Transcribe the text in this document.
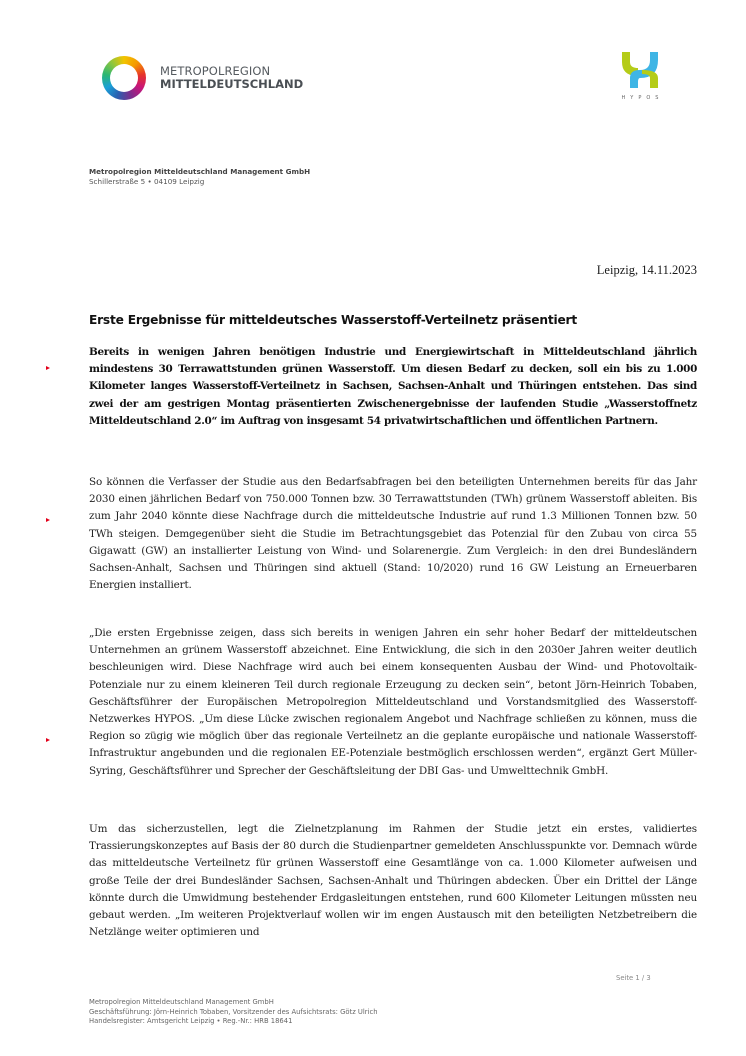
METROPOLREGION
MITTELDEUTSCHLAND
HYPOS
Metropolregion Mitteldeutschland Management GmbH
Schillerstraße 5 • 04109 Leipzig
Leipzig, 14.11.2023
Erste Ergebnisse für mitteldeutsches Wasserstoff-Verteilnetz präsentiert

Bereits in wenigen Jahren benötigen Industrie und Energiewirtschaft in Mitteldeutschland jährlich mindestens 30 Terrawattstunden grünen Wasserstoff. Um diesen Bedarf zu decken, soll ein bis zu 1.000 Kilometer langes Wasserstoff-Verteilnetz in Sachsen, Sachsen-Anhalt und Thüringen entstehen. Das sind zwei der am gestrigen Montag präsentierten Zwischenergebnisse der laufenden Studie „Wasserstoffnetz Mitteldeutschland 2.0“ im Auftrag von insgesamt 54 privatwirtschaftlichen und öffentlichen Partnern.

So können die Verfasser der Studie aus den Bedarfsabfragen bei den beteiligten Unternehmen bereits für das Jahr 2030 einen jährlichen Bedarf von 750.000 Tonnen bzw. 30 Terrawattstunden (TWh) grünem Wasserstoff ableiten. Bis zum Jahr 2040 könnte diese Nachfrage durch die mitteldeutsche Industrie auf rund 1.3 Millionen Tonnen bzw. 50 TWh steigen. Demgegenüber sieht die Studie im Betrachtungsgebiet das Potenzial für den Zubau von circa 55 Gigawatt (GW) an installierter Leistung von Wind- und Solarenergie. Zum Vergleich: in den drei Bundesländern Sachsen-Anhalt, Sachsen und Thüringen sind aktuell (Stand: 10/2020) rund 16 GW Leistung an Erneuerbaren Energien installiert.

„Die ersten Ergebnisse zeigen, dass sich bereits in wenigen Jahren ein sehr hoher Bedarf der mitteldeutschen Unternehmen an grünem Wasserstoff abzeichnet. Eine Entwicklung, die sich in den 2030er Jahren weiter deutlich beschleunigen wird. Diese Nachfrage wird auch bei einem konsequenten Ausbau der Wind- und Photovoltaik-Potenziale nur zu einem kleineren Teil durch regionale Erzeugung zu decken sein“, betont Jörn-Heinrich Tobaben, Geschäftsführer der Europäischen Metropolregion Mitteldeutschland und Vorstandsmitglied des Wasserstoff-Netzwerkes HYPOS. „Um diese Lücke zwischen regionalem Angebot und Nachfrage schließen zu können, muss die Region so zügig wie möglich über das regionale Verteilnetz an die geplante europäische und nationale Wasserstoff-Infrastruktur angebunden und die regionalen EE-Potenziale bestmöglich erschlossen werden“, ergänzt Gert Müller-Syring, Geschäftsführer und Sprecher der Geschäftsleitung der DBI Gas- und Umwelttechnik GmbH.

Um das sicherzustellen, legt die Zielnetzplanung im Rahmen der Studie jetzt ein erstes, validiertes Trassierungskonzeptes auf Basis der 80 durch die Studienpartner gemeldeten Anschlusspunkte vor. Demnach würde das mitteldeutsche Verteilnetz für grünen Wasserstoff eine Gesamtlänge von ca. 1.000 Kilometer aufweisen und große Teile der drei Bundesländer Sachsen, Sachsen-Anhalt und Thüringen abdecken. Über ein Drittel der Länge könnte durch die Umwidmung bestehender Erdgasleitungen entstehen, rund 600 Kilometer Leitungen müssten neu gebaut werden. „Im weiteren Projektverlauf wollen wir im engen Austausch mit den beteiligten Netzbetreibern die Netzlänge weiter optimieren und

Seite 1 / 3
Metropolregion Mitteldeutschland Management GmbH
Geschäftsführung: Jörn-Heinrich Tobaben, Vorsitzender des Aufsichtsrats: Götz Ulrich
Handelsregister: Amtsgericht Leipzig • Reg.-Nr.: HRB 18641
